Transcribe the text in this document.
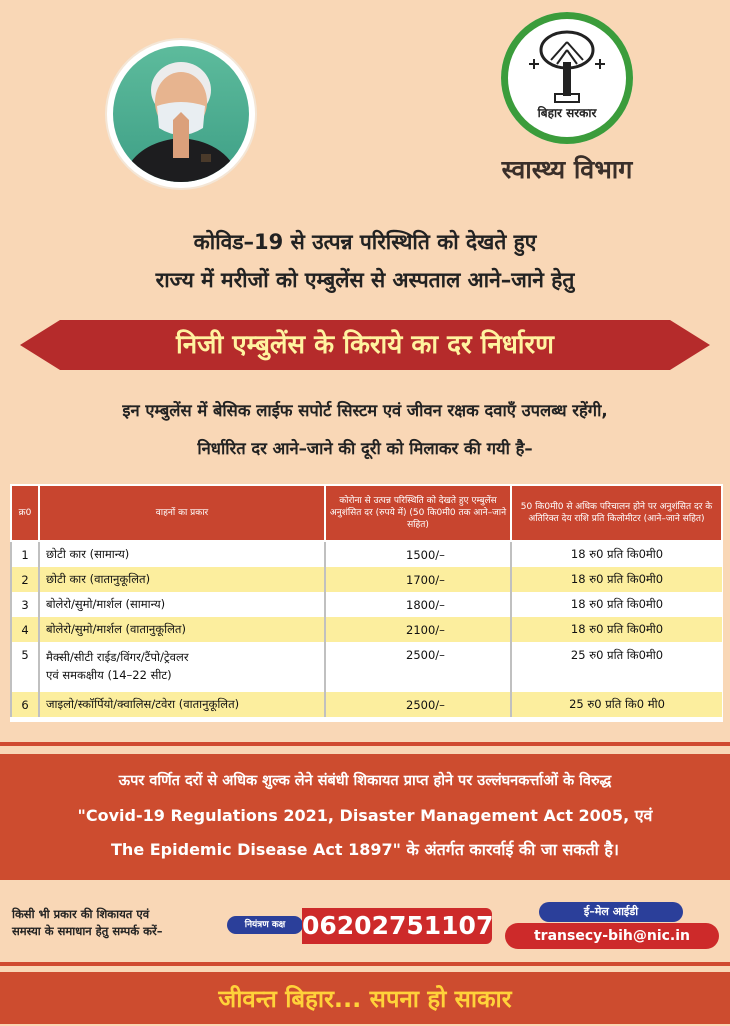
बिहार सरकार
स्वास्थ्य विभाग
कोविड–19 से उत्पन्न परिस्थिति को देखते हुए
राज्य में मरीजों को एम्बुलेंस से अस्पताल आने–जाने हेतु
निजी एम्बुलेंस के किराये का दर निर्धारण
इन एम्बुलेंस में बेसिक लाईफ सपोर्ट सिस्टम एवं जीवन रक्षक दवाएँ उपलब्ध रहेंगी,
निर्धारित दर आने–जाने की दूरी को मिलाकर की गयी है–
क्र0	वाहनों का प्रकार	कोरोना से उत्पन्न परिस्थिति को देखते हुए एम्बुलेंस अनुशंसित दर (रुपये में) (50 कि0मी0 तक आने–जाने सहित)	50 कि0मी0 से अधिक परिचालन होने पर अनुशंसित दर के अतिरिक्त देय राशि प्रति किलोमीटर (आने–जाने सहित)
1	छोटी कार (सामान्य)	1500/–	18 रु0 प्रति कि0मी0
2	छोटी कार (वातानुकूलित)	1700/–	18 रु0 प्रति कि0मी0
3	बोलेरो/सुमो/मार्शल (सामान्य)	1800/–	18 रु0 प्रति कि0मी0
4	बोलेरो/सुमो/मार्शल (वातानुकूलित)	2100/–	18 रु0 प्रति कि0मी0
5	मैक्सी/सीटी राईड/विंगर/टैंपो/ट्रेवलर
एवं समकक्षीय (14–22 सीट)	2500/–	25 रु0 प्रति कि0मी0
6	जाइलो/स्कॉर्पियो/क्वालिस/टवेरा (वातानुकूलित)	2500/–	25 रु0 प्रति कि0 मी0
ऊपर वर्णित दरों से अधिक शुल्क लेने संबंधी शिकायत प्राप्त होने पर उल्लंघनकर्त्ताओं के विरुद्ध
"Covid-19 Regulations 2021, Disaster Management Act 2005, एवं
The Epidemic Disease Act 1897" के अंतर्गत कारर्वाई की जा सकती है।
किसी भी प्रकार की शिकायत एवं
समस्या के समाधान हेतु सम्पर्क करें–	नियंत्रण कक्ष 06202751107	ई–मेल आईडी
transecy-bih@nic.in
जीवन्त बिहार... सपना हो साकार
